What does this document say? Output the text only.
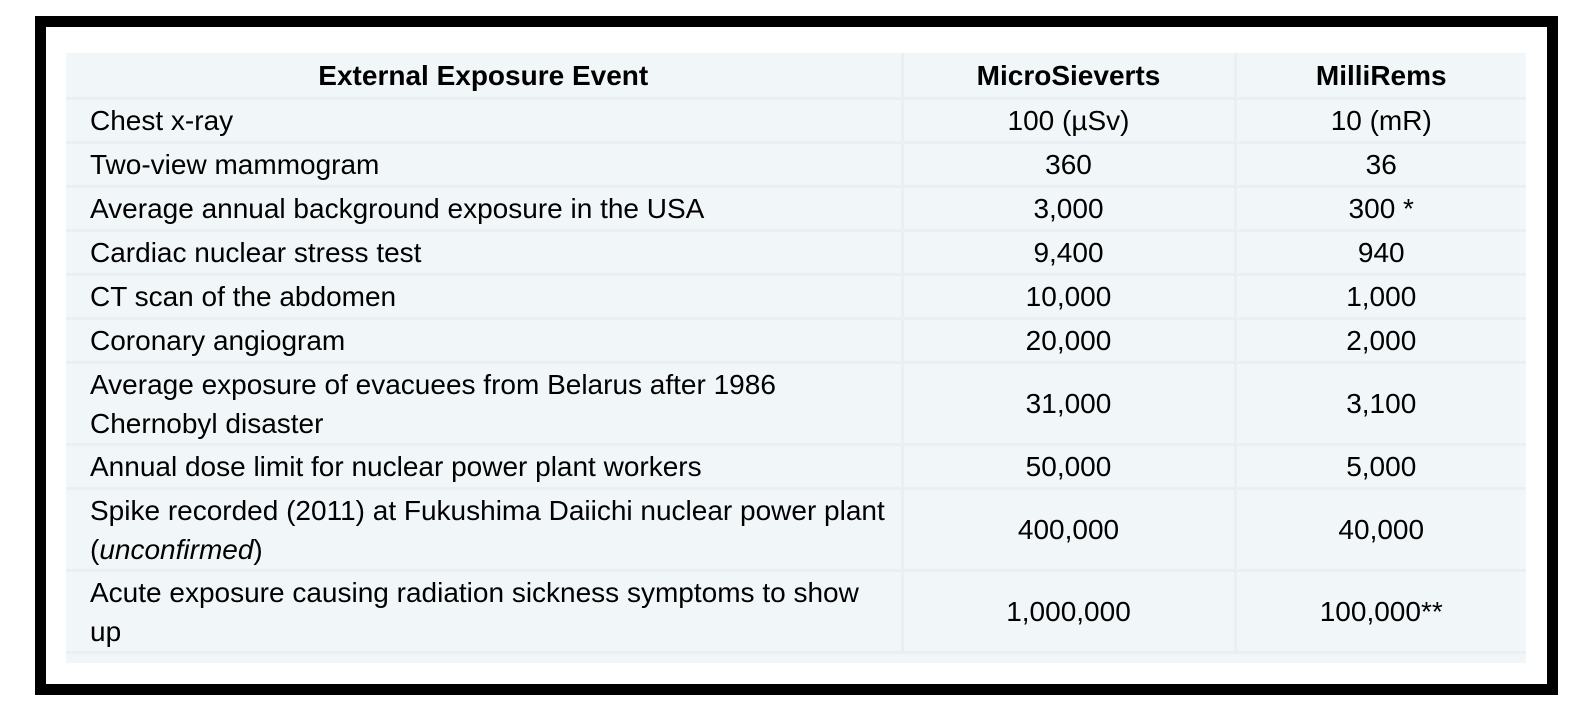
External Exposure Event	MicroSieverts	MilliRems
Chest x-ray	100 (µSv)	10 (mR)
Two-view mammogram	360	36
Average annual background exposure in the USA	3,000	300 *
Cardiac nuclear stress test	9,400	940
CT scan of the abdomen	10,000	1,000
Coronary angiogram	20,000	2,000
Average exposure of evacuees from Belarus after 1986 Chernobyl disaster	31,000	3,100
Annual dose limit for nuclear power plant workers	50,000	5,000
Spike recorded (2011) at Fukushima Daiichi nuclear power plant (unconfirmed)	400,000	40,000
Acute exposure causing radiation sickness symptoms to show up	1,000,000	100,000**
